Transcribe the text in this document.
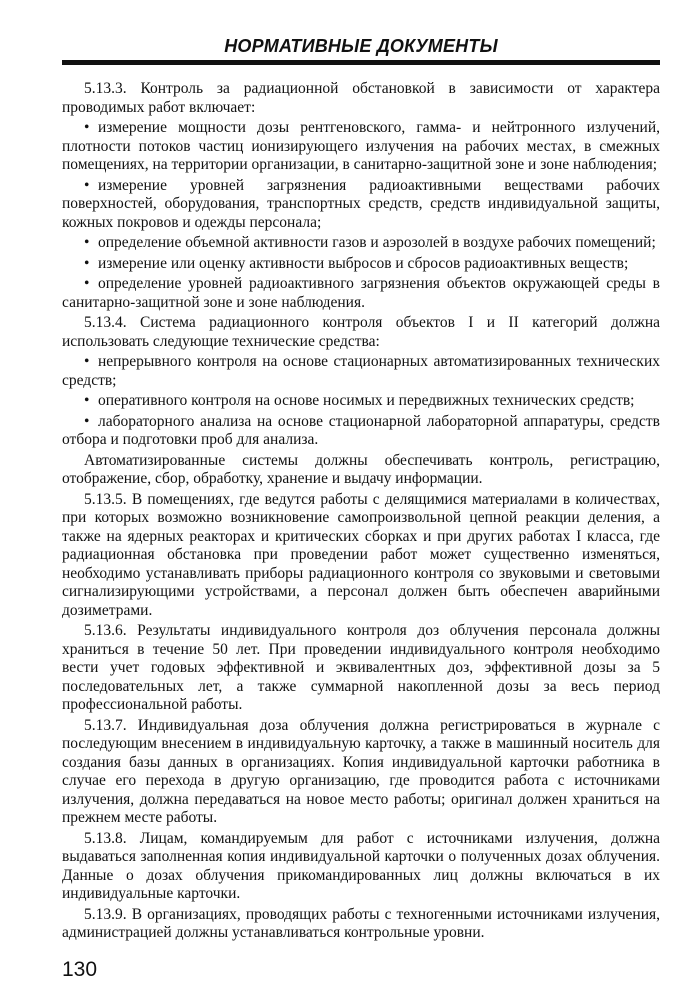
НОРМАТИВНЫЕ ДОКУМЕНТЫ

5.13.3. Контроль за радиационной обстановкой в зависимости от характера проводимых работ включает:

• измерение мощности дозы рентгеновского, гамма- и нейтронного излучений, плотности потоков частиц ионизирующего излучения на рабочих местах, в смежных помещениях, на территории организации, в санитарно-защитной зоне и зоне наблюдения;

• измерение уровней загрязнения радиоактивными веществами рабочих поверхностей, оборудования, транспортных средств, средств индивидуальной защиты, кожных покровов и одежды персонала;

• определение объемной активности газов и аэрозолей в воздухе рабочих помещений;

• измерение или оценку активности выбросов и сбросов радиоактивных веществ;

• определение уровней радиоактивного загрязнения объектов окружающей среды в санитарно-защитной зоне и зоне наблюдения.

5.13.4. Система радиационного контроля объектов I и II категорий должна использовать следующие технические средства:

• непрерывного контроля на основе стационарных автоматизированных технических средств;

• оперативного контроля на основе носимых и передвижных технических средств;

• лабораторного анализа на основе стационарной лабораторной аппаратуры, средств отбора и подготовки проб для анализа.

Автоматизированные системы должны обеспечивать контроль, регистрацию, отображение, сбор, обработку, хранение и выдачу информации.

5.13.5. В помещениях, где ведутся работы с делящимися материалами в количествах, при которых возможно возникновение самопроизвольной цепной реакции деления, а также на ядерных реакторах и критических сборках и при других работах I класса, где радиационная обстановка при проведении работ может существенно изменяться, необходимо устанавливать приборы радиационного контроля со звуковыми и световыми сигнализирующими устройствами, а персонал должен быть обеспечен аварийными дозиметрами.

5.13.6. Результаты индивидуального контроля доз облучения персонала должны храниться в течение 50 лет. При проведении индивидуального контроля необходимо вести учет годовых эффективной и эквивалентных доз, эффективной дозы за 5 последовательных лет, а также суммарной накопленной дозы за весь период профессиональной работы.

5.13.7. Индивидуальная доза облучения должна регистрироваться в журнале с последующим внесением в индивидуальную карточку, а также в машинный носитель для создания базы данных в организациях. Копия индивидуальной карточки работника в случае его перехода в другую организацию, где проводится работа с источниками излучения, должна передаваться на новое место работы; оригинал должен храниться на прежнем месте работы.

5.13.8. Лицам, командируемым для работ с источниками излучения, должна выдаваться заполненная копия индивидуальной карточки о полученных дозах облучения. Данные о дозах облучения прикомандированных лиц должны включаться в их индивидуальные карточки.

5.13.9. В организациях, проводящих работы с техногенными источниками излучения, администрацией должны устанавливаться контрольные уровни.

130
